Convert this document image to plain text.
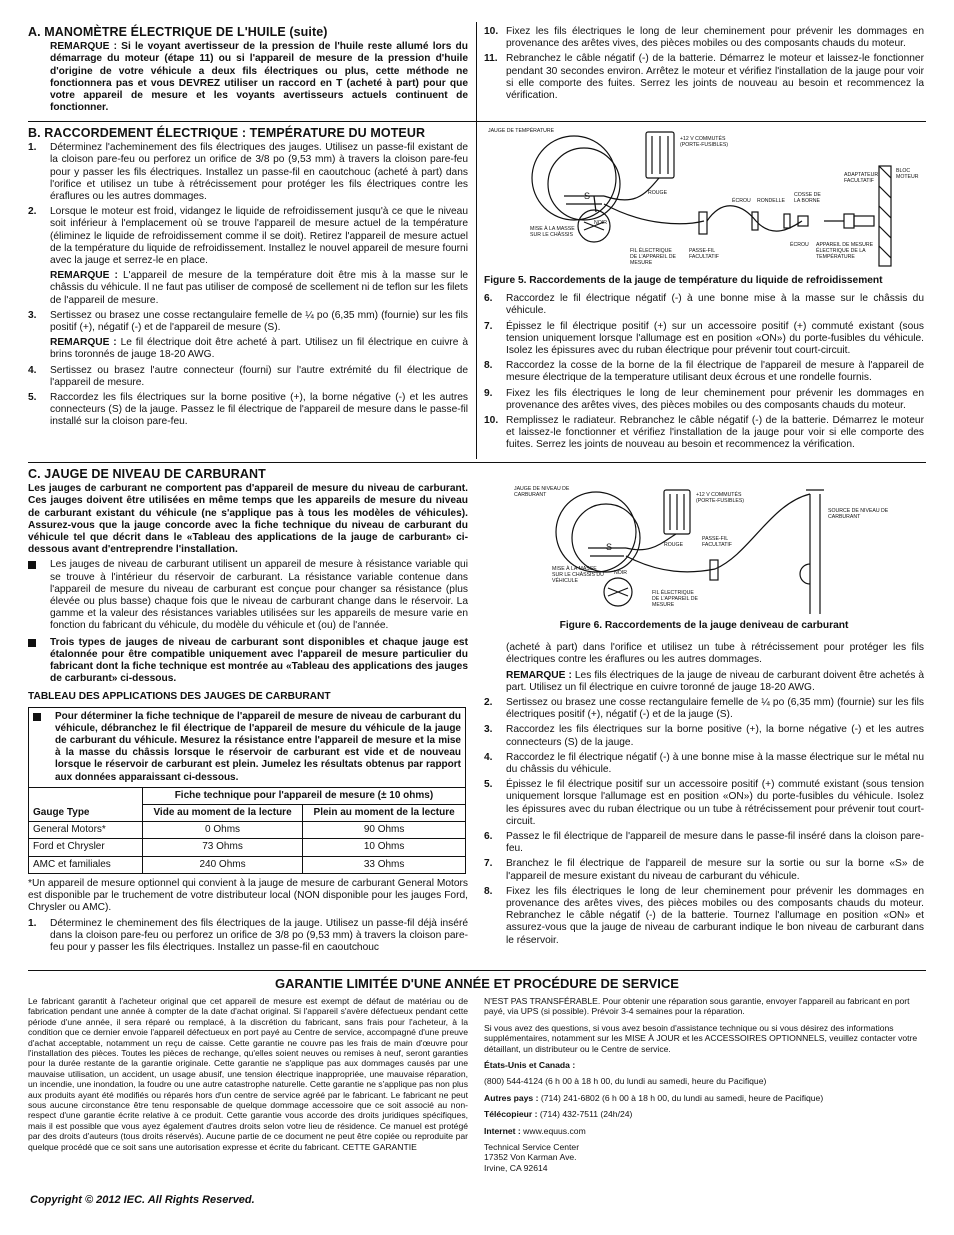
A. MANOMÈTRE ÉLECTRIQUE DE L'HUILE (suite)
REMARQUE : Si le voyant avertisseur de la pression de l'huile reste allumé lors du démarrage du moteur (étape 11) ou si l'appareil de mesure de la pression d'huile d'origine de votre véhicule a deux fils électriques ou plus, cette méthode ne fonctionnera pas et vous DEVREZ utiliser un raccord en T (acheté à part) pour que votre appareil de mesure et les voyants avertisseurs actuels continuent de fonctionner.
10. Fixez les fils électriques le long de leur cheminement pour prévenir les dommages en provenance des arêtes vives, des pièces mobiles ou des composants chauds du moteur.
11. Rebranchez le câble négatif (-) de la batterie. Démarrez le moteur et laissez-le fonctionner pendant 30 secondes environ. Arrêtez le moteur et vérifiez l'installation de la jauge pour voir si elle comporte des fuites. Serrez les joints de nouveau au besoin et recommencez la vérification.
B. RACCORDEMENT ÉLECTRIQUE : TEMPÉRATURE DU MOTEUR
1.	Déterminez l'acheminement des fils électriques des jauges. Utilisez un passe-fil existant de la cloison pare-feu ou perforez un orifice de 3/8 po (9,53 mm) à travers la cloison pare-feu pour y passer les fils électriques. Installez un passe-fil en caoutchouc (acheté à part) dans l'orifice et utilisez un tube à rétrécissement pour protéger les fils électriques contre les éraflures ou les autres dommages.
2.	Lorsque le moteur est froid, vidangez le liquide de refroidissement jusqu'à ce que le niveau soit inférieur à l'emplacement où se trouve l'appareil de mesure actuel de la température (éliminez le liquide de refroidissement comme il se doit). Retirez l'appareil de mesure actuel de la température du liquide de refroidissement. Installez le nouvel appareil de mesure fourni avec la jauge et serrez-le en place.
REMARQUE : L'appareil de mesure de la température doit être mis à la masse sur le châssis du véhicule. Il ne faut pas utiliser de composé de scellement ni de teflon sur les filets de l'appareil de mesure.
3.	Sertissez ou brasez une cosse rectangulaire femelle de ¼ po (6,35 mm) (fournie) sur les fils positif (+), négatif (-) et de l'appareil de mesure (S).
REMARQUE : Le fil électrique doit être acheté à part. Utilisez un fil électrique en cuivre à brins toronnés de jauge 18-20 AWG.
4.	Sertissez ou brasez l'autre connecteur (fourni) sur l'autre extrémité du fil électrique de l'appareil de mesure.
5.	Raccordez les fils électriques sur la borne positive (+), la borne négative (-) et les autres connecteurs (S) de la jauge. Passez le fil électrique de l'appareil de mesure dans le passe-fil installé sur la cloison pare-feu.
S
JAUGE DE TEMPÉRATURE
+12 V COMMUTÉS (PORTE-FUSIBLES)
ROUGE
NOIR
MISE À LA MASSE SUR LE CHÂSSIS
FIL ÉLECTRIQUE DE L'APPAREIL DE MESURE
PASSE-FIL FACULTATIF
ÉCROU RONDELLE
COSSE DE LA BORNE
ÉCROU
ADAPTATEUR FACULTATIF
APPAREIL DE MESURE ÉLECTRIQUE DE LA TEMPÉRATURE
BLOC MOTEUR
Figure 5. Raccordements de la jauge de température du liquide de refroidissement
6.	Raccordez le fil électrique négatif (-) à une bonne mise à la masse sur le châssis du véhicule.
7.	Épissez le fil électrique positif (+) sur un accessoire positif (+) commuté existant (sous tension uniquement lorsque l'allumage est en position «ON») du porte-fusibles du véhicule. Isolez les épissures avec du ruban électrique pour prévenir tout court-circuit.
8.	Raccordez la cosse de la borne de la fil électrique de l'appareil de mesure à l'appareil de mesure électrique de la temperature utilisant deux écrous et une rondelle fournis.
9.	Fixez les fils électriques le long de leur cheminement pour prévenir les dommages en provenance des arêtes vives, des pièces mobiles ou des composants chauds du moteur.
10. Remplissez le radiateur. Rebranchez le câble négatif (-) de la batterie. Démarrez le moteur et laissez-le fonctionner et vérifiez l'installation de la jauge pour voir si elle comporte des fuites. Serrez les joints de nouveau au besoin et recommencez la vérification.
C. JAUGE DE NIVEAU DE CARBURANT
Les jauges de carburant ne comportent pas d'appareil de mesure du niveau de carburant. Ces jauges doivent être utilisées en même temps que les appareils de mesure du niveau de carburant existant du véhicule (ne s'applique pas à tous les modèles de véhicules). Assurez-vous que la jauge concorde avec la fiche technique du niveau de carburant du véhicule tel que décrit dans le «Tableau des applications de la jauge de carburant» ci-dessous avant d'entreprendre l'installation.
Les jauges de niveau de carburant utilisent un appareil de mesure à résistance variable qui se trouve à l'intérieur du réservoir de carburant. La résistance variable contenue dans l'appareil de mesure du niveau de carburant est conçue pour changer sa résistance (plus élevée ou plus basse) chaque fois que le niveau de carburant change dans le réservoir. La gamme et la valeur des résistances variables utilisées sur les appareils de mesure varie en fonction du fabricant du véhicule, du modèle du véhicule et (ou) de l'année.
Trois types de jauges de niveau de carburant sont disponibles et chaque jauge est étalonnée pour être compatible uniquement avec l'appareil de mesure particulier du fabricant dont la fiche technique est montrée au «Tableau des applications des jauges de carburant» ci-dessous.
TABLEAU DES APPLICATIONS DES JAUGES DE CARBURANT
Pour déterminer la fiche technique de l'appareil de mesure de niveau de carburant du véhicule, débranchez le fil électrique de l'appareil de mesure du véhicule de la jauge de carburant du véhicule. Mesurez la résistance entre l'appareil de mesure et la mise à la masse du châssis lorsque le réservoir de carburant est vide et de nouveau lorsque le réservoir de carburant est plein. Jumelez les résultats obtenus par rapport aux données apparaissant ci-dessous.		

Gauge Type	Fiche technique pour l'appareil de mesure (± 10 ohms)	
	Vide au moment de la lecture	Plein au moment de la lecture
General Motors*	0 Ohms	90 Ohms
Ford et Chrysler	73 Ohms	10 Ohms
AMC et familiales	240 Ohms	33 Ohms
*Un appareil de mesure optionnel qui convient à la jauge de mesure de carburant General Motors est disponible par le truchement de votre distributeur local (NON disponible pour les jauges Ford, Chrysler ou AMC).
1.	Déterminez le cheminement des fils électriques de la jauge. Utilisez un passe-fil déjà inséré dans la cloison pare-feu ou perforez un orifice de 3/8 po (9,53 mm) à travers la cloison pare-feu pour y passer les fils électriques. Installez un passe-fil en caoutchouc
S
JAUGE DE NIVEAU DE CARBURANT	+12 V COMMUTÉS (PORTE-FUSIBLES)
ROUGE
NOIR
MISE À LA MASSE SUR LE CHÂSSIS DU VÉHICULE
FIL ÉLECTRIQUE DE L'APPAREIL DE MESURE
PASSE-FIL FACULTATIF
SOURCE DE NIVEAU DE CARBURANT
Figure 6. Raccordements de la jauge deniveau de carburant
(acheté à part) dans l'orifice et utilisez un tube à rétrécissement pour protéger les fils électriques contre les éraflures ou les autres dommages.
REMARQUE : Les fils électriques de la jauge de niveau de carburant doivent être achetés à part. Utilisez un fil électrique en cuivre toronné de jauge 18-20 AWG.
2.	Sertissez ou brasez une cosse rectangulaire femelle de ¼ po (6,35 mm) (fournie) sur les fils électriques positif (+), négatif (-) et de la jauge (S).
3.	Raccordez les fils électriques sur la borne positive (+), la borne négative (-) et les autres connecteurs (S) de la jauge.
4.	Raccordez le fil électrique négatif (-) à une bonne mise à la masse électrique sur le métal nu du châssis du véhicule.
5.	Épissez le fil électrique positif sur un accessoire positif (+) commuté existant (sous tension uniquement lorsque l'allumage est en position «ON») du porte-fusibles du véhicule. Isolez les épissures avec du ruban électrique ou un tube à rétrécissement pour prévenir tout court-circuit.
6.	Passez le fil électrique de l'appareil de mesure dans le passe-fil inséré dans la cloison pare-feu.
7.	Branchez le fil électrique de l'appareil de mesure sur la sortie ou sur la borne «S» de l'appareil de mesure existant du niveau de carburant du véhicule.
8.	Fixez les fils électriques le long de leur cheminement pour prévenir les dommages en provenance des arêtes vives, des pièces mobiles ou des composants chauds du moteur. Rebranchez le câble négatif (-) de la batterie. Tournez l'allumage en position «ON» et assurez-vous que la jauge de niveau de carburant indique le bon niveau de carburant dans le réservoir.
GARANTIE LIMITÉE D'UNE ANNÉE ET PROCÉDURE DE SERVICE
Le fabricant garantit à l'acheteur original que cet appareil de mesure est exempt de défaut de matériau ou de fabrication pendant une année à compter de la date d'achat original. Si l'appareil s'avère défectueux pendant cette période d'une année, il sera réparé ou remplacé, à la discrétion du fabricant, sans frais pour l'acheteur, à la condition que ce dernier envoie l'appareil défectueux en port payé au Centre de service, accompagné d'une preuve d'achat acceptable, notamment un reçu de caisse. Cette garantie ne couvre pas les frais de main d'œuvre pour l'installation des pièces. Toutes les pièces de rechange, qu'elles soient neuves ou remises à neuf, seront garanties pour la durée restante de la garantie originale. Cette garantie ne s'applique pas aux dommages causés par une mauvaise utilisation, un accident, un usage abusif, une tension électrique inappropriée, une mauvaise réparation, un incendie, une inondation, la foudre ou une autre catastrophe naturelle. Cette garantie ne s'applique pas non plus aux produits ayant été modifiés ou réparés hors d'un centre de service agréé par le fabricant. Le fabricant ne peut sous aucune circonstance être tenu responsable de quelque dommage accessoire que ce soit associé au non-respect d'une garantie écrite relative à ce produit. Cette garantie vous accorde des droits juridiques spécifiques, mais il est possible que vous ayez également d'autres droits selon votre lieu de résidence. Ce manuel est protégé par des droits d'auteurs (tous droits réservés). Aucune partie de ce document ne peut être copiée ou reproduite par quelque procédé que ce soit sans une autorisation expresse et écrite du fabricant. CETTE GARANTIE
N'EST PAS TRANSFÉRABLE. Pour obtenir une réparation sous garantie, envoyer l'appareil au fabricant en port payé, via UPS (si possible). Prévoir 3-4 semaines pour la réparation.
Si vous avez des questions, si vous avez besoin d'assistance technique ou si vous désirez des informations supplémentaires, notamment sur les MISE À JOUR et les ACCESSOIRES OPTIONNELS, veuillez contacter votre détaillant, un distributeur ou le Centre de service.
États-Unis et Canada :
(800) 544-4124 (6 h 00 à 18 h 00, du lundi au samedi, heure du Pacifique)
Autres pays : (714) 241-6802 (6 h 00 à 18 h 00, du lundi au samedi, heure de Pacifique)
Télécopieur : (714) 432-7511 (24h/24)
Internet : www.equus.com
Technical Service Center
17352 Von Karman Ave.
Irvine, CA 92614
Copyright © 2012 IEC. All Rights Reserved.
